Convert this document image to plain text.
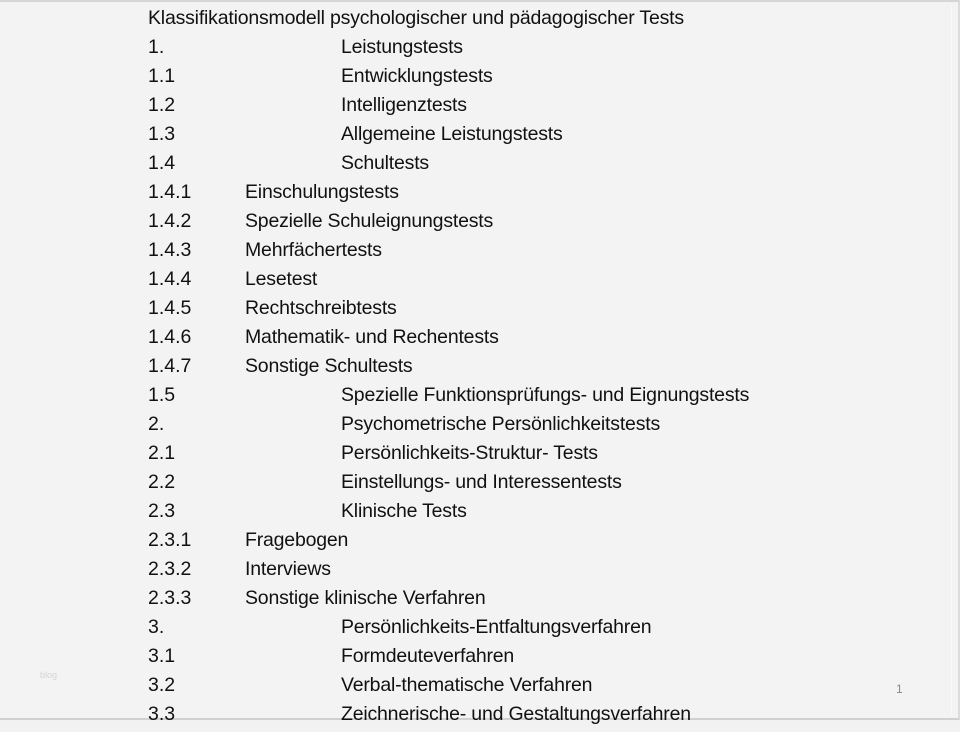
Klassifikationsmodell psychologischer und pädagogischer Tests
1.	Leistungstests
1.1	Entwicklungstests
1.2	Intelligenztests
1.3	Allgemeine Leistungstests
1.4	Schultests
1.4.1	Einschulungstests
1.4.2	Spezielle Schuleignungstests
1.4.3	Mehrfächertests
1.4.4	Lesetest
1.4.5	Rechtschreibtests
1.4.6	Mathematik- und Rechentests
1.4.7	Sonstige Schultests
1.5	Spezielle Funktionsprüfungs- und Eignungstests
2.	Psychometrische Persönlichkeitstests
2.1	Persönlichkeits-Struktur- Tests
2.2	Einstellungs- und Interessentests
2.3	Klinische Tests
2.3.1	Fragebogen
2.3.2	Interviews
2.3.3	Sonstige klinische Verfahren
3.	Persönlichkeits-Entfaltungsverfahren
3.1	Formdeuteverfahren
3.2	Verbal-thematische Verfahren
3.3	Zeichnerische- und Gestaltungsverfahren
blog
1
